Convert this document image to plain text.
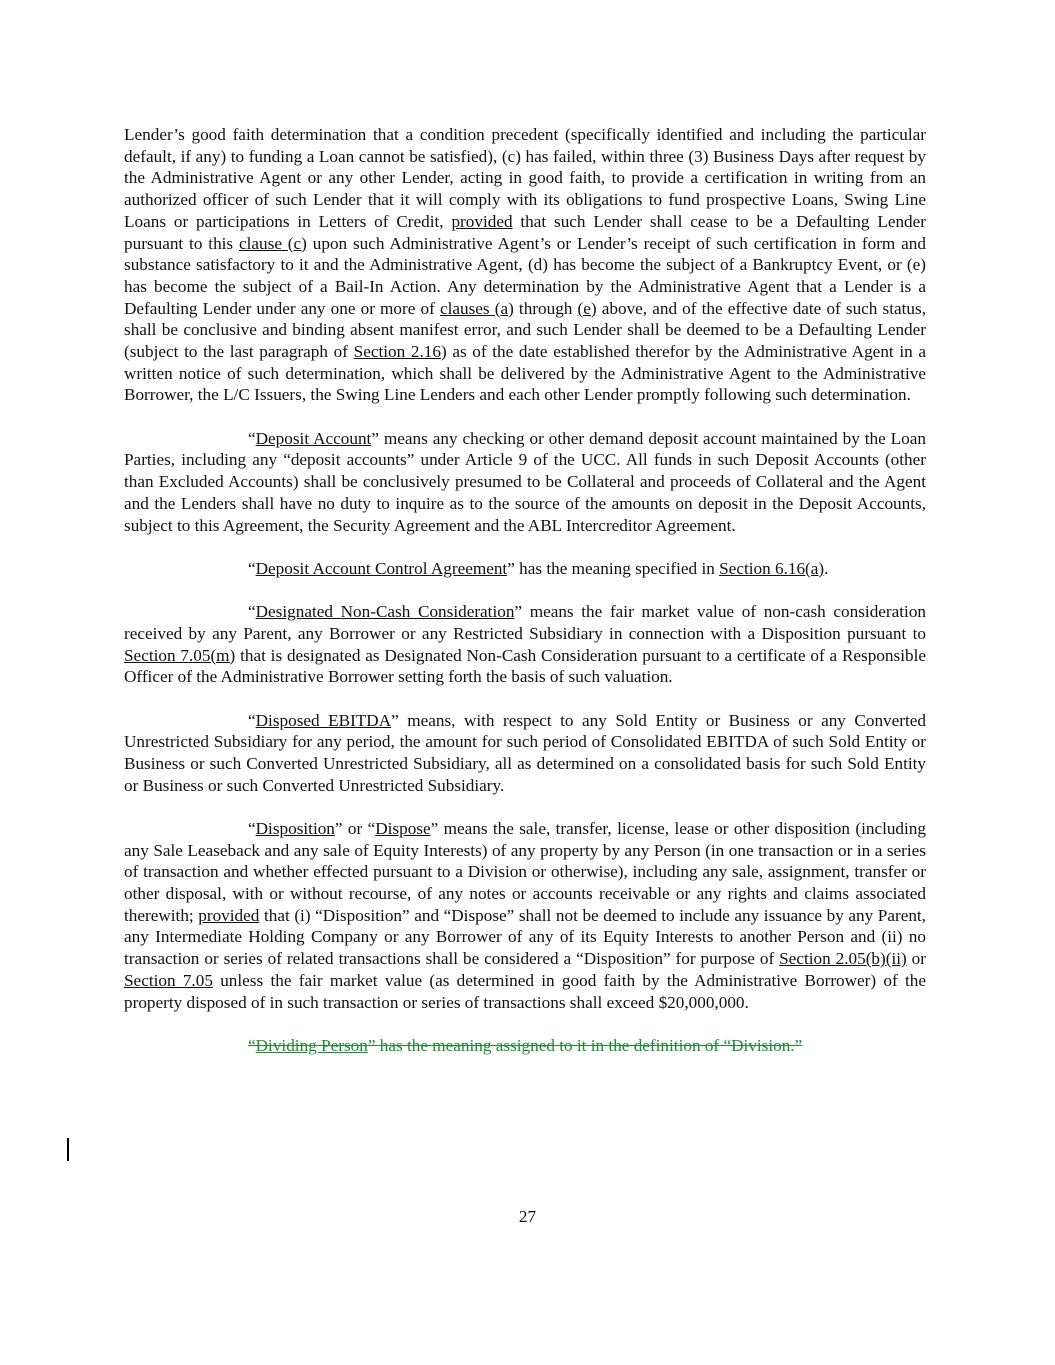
Lender’s good faith determination that a condition precedent (specifically identified and including the particular default, if any) to funding a Loan cannot be satisfied), (c) has failed, within three (3) Business Days after request by the Administrative Agent or any other Lender, acting in good faith, to provide a certification in writing from an authorized officer of such Lender that it will comply with its obligations to fund prospective Loans, Swing Line Loans or participations in Letters of Credit, provided that such Lender shall cease to be a Defaulting Lender pursuant to this clause (c) upon such Administrative Agent’s or Lender’s receipt of such certification in form and substance satisfactory to it and the Administrative Agent, (d) has become the subject of a Bankruptcy Event, or (e) has become the subject of a Bail-In Action. Any determination by the Administrative Agent that a Lender is a Defaulting Lender under any one or more of clauses (a) through (e) above, and of the effective date of such status, shall be conclusive and binding absent manifest error, and such Lender shall be deemed to be a Defaulting Lender (subject to the last paragraph of Section 2.16) as of the date established therefor by the Administrative Agent in a written notice of such determination, which shall be delivered by the Administrative Agent to the Administrative Borrower, the L/C Issuers, the Swing Line Lenders and each other Lender promptly following such determination.

“Deposit Account” means any checking or other demand deposit account maintained by the Loan Parties, including any “deposit accounts” under Article 9 of the UCC. All funds in such Deposit Accounts (other than Excluded Accounts) shall be conclusively presumed to be Collateral and proceeds of Collateral and the Agent and the Lenders shall have no duty to inquire as to the source of the amounts on deposit in the Deposit Accounts, subject to this Agreement, the Security Agreement and the ABL Intercreditor Agreement.

“Deposit Account Control Agreement” has the meaning specified in Section 6.16(a).

“Designated Non-Cash Consideration” means the fair market value of non-cash consideration received by any Parent, any Borrower or any Restricted Subsidiary in connection with a Disposition pursuant to Section 7.05(m) that is designated as Designated Non-Cash Consideration pursuant to a certificate of a Responsible Officer of the Administrative Borrower setting forth the basis of such valuation.

“Disposed EBITDA” means, with respect to any Sold Entity or Business or any Converted Unrestricted Subsidiary for any period, the amount for such period of Consolidated EBITDA of such Sold Entity or Business or such Converted Unrestricted Subsidiary, all as determined on a consolidated basis for such Sold Entity or Business or such Converted Unrestricted Subsidiary.

“Disposition” or “Dispose” means the sale, transfer, license, lease or other disposition (including any Sale Leaseback and any sale of Equity Interests) of any property by any Person (in one transaction or in a series of transaction and whether effected pursuant to a Division or otherwise), including any sale, assignment, transfer or other disposal, with or without recourse, of any notes or accounts receivable or any rights and claims associated therewith; provided that (i) “Disposition” and “Dispose” shall not be deemed to include any issuance by any Parent, any Intermediate Holding Company or any Borrower of any of its Equity Interests to another Person and (ii) no transaction or series of related transactions shall be considered a “Disposition” for purpose of Section 2.05(b)(ii) or Section 7.05 unless the fair market value (as determined in good faith by the Administrative Borrower) of the property disposed of in such transaction or series of transactions shall exceed $20,000,000.

“Dividing Person” has the meaning assigned to it in the definition of “Division.”

27
